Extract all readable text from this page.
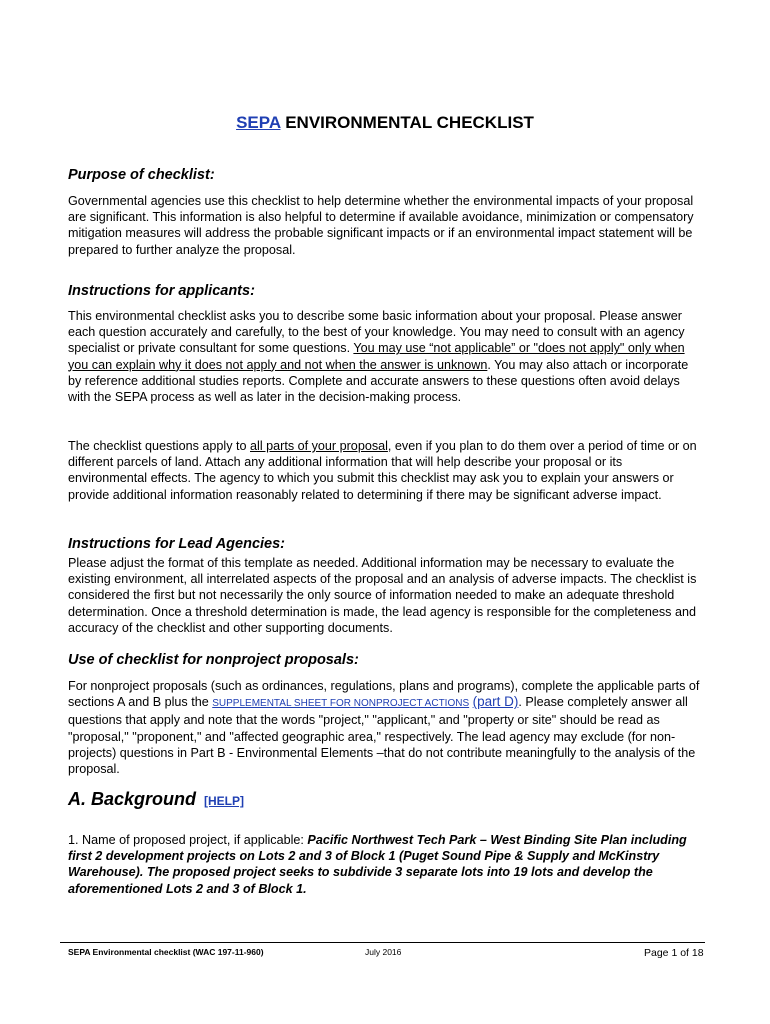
SEPA ENVIRONMENTAL CHECKLIST
Purpose of checklist:

Governmental agencies use this checklist to help determine whether the environmental impacts of your proposal are significant. This information is also helpful to determine if available avoidance, minimization or compensatory mitigation measures will address the probable significant impacts or if an environmental impact statement will be prepared to further analyze the proposal.

Instructions for applicants:

This environmental checklist asks you to describe some basic information about your proposal. Please answer each question accurately and carefully, to the best of your knowledge. You may need to consult with an agency specialist or private consultant for some questions. You may use “not applicable” or "does not apply" only when you can explain why it does not apply and not when the answer is unknown. You may also attach or incorporate by reference additional studies reports. Complete and accurate answers to these questions often avoid delays with the SEPA process as well as later in the decision-making process.

The checklist questions apply to all parts of your proposal, even if you plan to do them over a period of time or on different parcels of land. Attach any additional information that will help describe your proposal or its environmental effects. The agency to which you submit this checklist may ask you to explain your answers or provide additional information reasonably related to determining if there may be significant adverse impact.

Instructions for Lead Agencies:

Please adjust the format of this template as needed. Additional information may be necessary to evaluate the existing environment, all interrelated aspects of the proposal and an analysis of adverse impacts. The checklist is considered the first but not necessarily the only source of information needed to make an adequate threshold determination. Once a threshold determination is made, the lead agency is responsible for the completeness and accuracy of the checklist and other supporting documents.

Use of checklist for nonproject proposals:

For nonproject proposals (such as ordinances, regulations, plans and programs), complete the applicable parts of sections A and B plus the SUPPLEMENTAL SHEET FOR NONPROJECT ACTIONS (part D). Please completely answer all questions that apply and note that the words "project," "applicant," and "property or site" should be read as "proposal," "proponent," and "affected geographic area," respectively. The lead agency may exclude (for non-projects) questions in Part B - Environmental Elements –that do not contribute meaningfully to the analysis of the proposal.

A. Background [HELP]

1. Name of proposed project, if applicable: Pacific Northwest Tech Park – West Binding Site Plan including first 2 development projects on Lots 2 and 3 of Block 1 (Puget Sound Pipe & Supply and McKinstry Warehouse). The proposed project seeks to subdivide 3 separate lots into 19 lots and develop the aforementioned Lots 2 and 3 of Block 1.

SEPA Environmental checklist (WAC 197-11-960)	July 2016	Page 1 of 18
